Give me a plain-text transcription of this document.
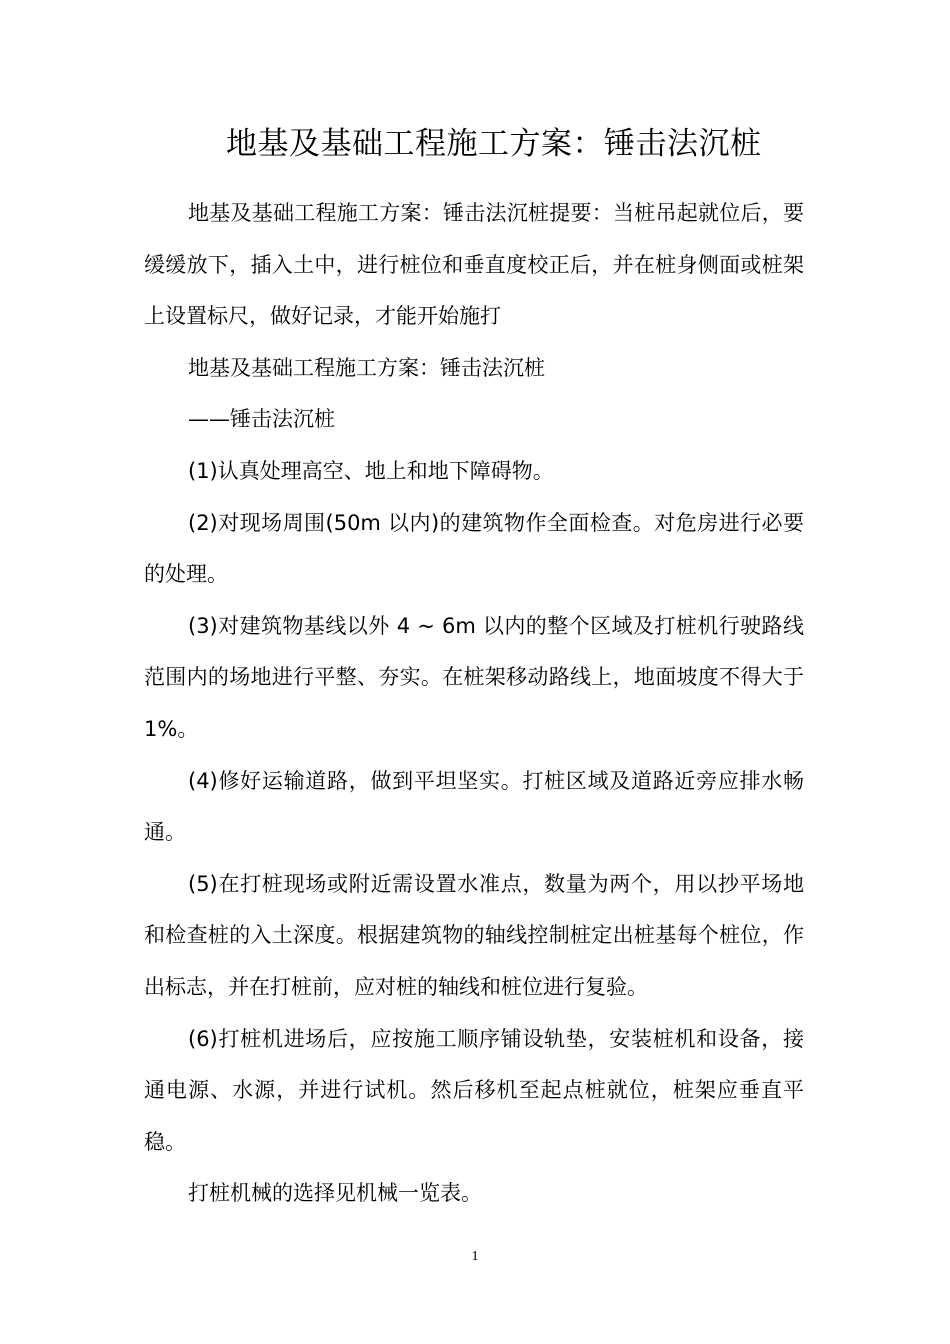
地基及基础工程施工方案：锤击法沉桩

地基及基础工程施工方案：锤击法沉桩提要：当桩吊起就位后，要缓缓放下，插入土中，进行桩位和垂直度校正后，并在桩身侧面或桩架上设置标尺，做好记录，才能开始施打

地基及基础工程施工方案：锤击法沉桩

——锤击法沉桩

(1)认真处理高空、地上和地下障碍物。

(2)对现场周围(50m 以内)的建筑物作全面检查。对危房进行必要的处理。

(3)对建筑物基线以外 4 ~ 6m 以内的整个区域及打桩机行驶路线范围内的场地进行平整、夯实。在桩架移动路线上，地面坡度不得大于 1%。

(4)修好运输道路，做到平坦坚实。打桩区域及道路近旁应排水畅通。

(5)在打桩现场或附近需设置水准点，数量为两个，用以抄平场地和检查桩的入土深度。根据建筑物的轴线控制桩定出桩基每个桩位，作出标志，并在打桩前，应对桩的轴线和桩位进行复验。

(6)打桩机进场后，应按施工顺序铺设轨垫，安装桩机和设备，接通电源、水源，并进行试机。然后移机至起点桩就位，桩架应垂直平稳。

打桩机械的选择见机械一览表。

1
